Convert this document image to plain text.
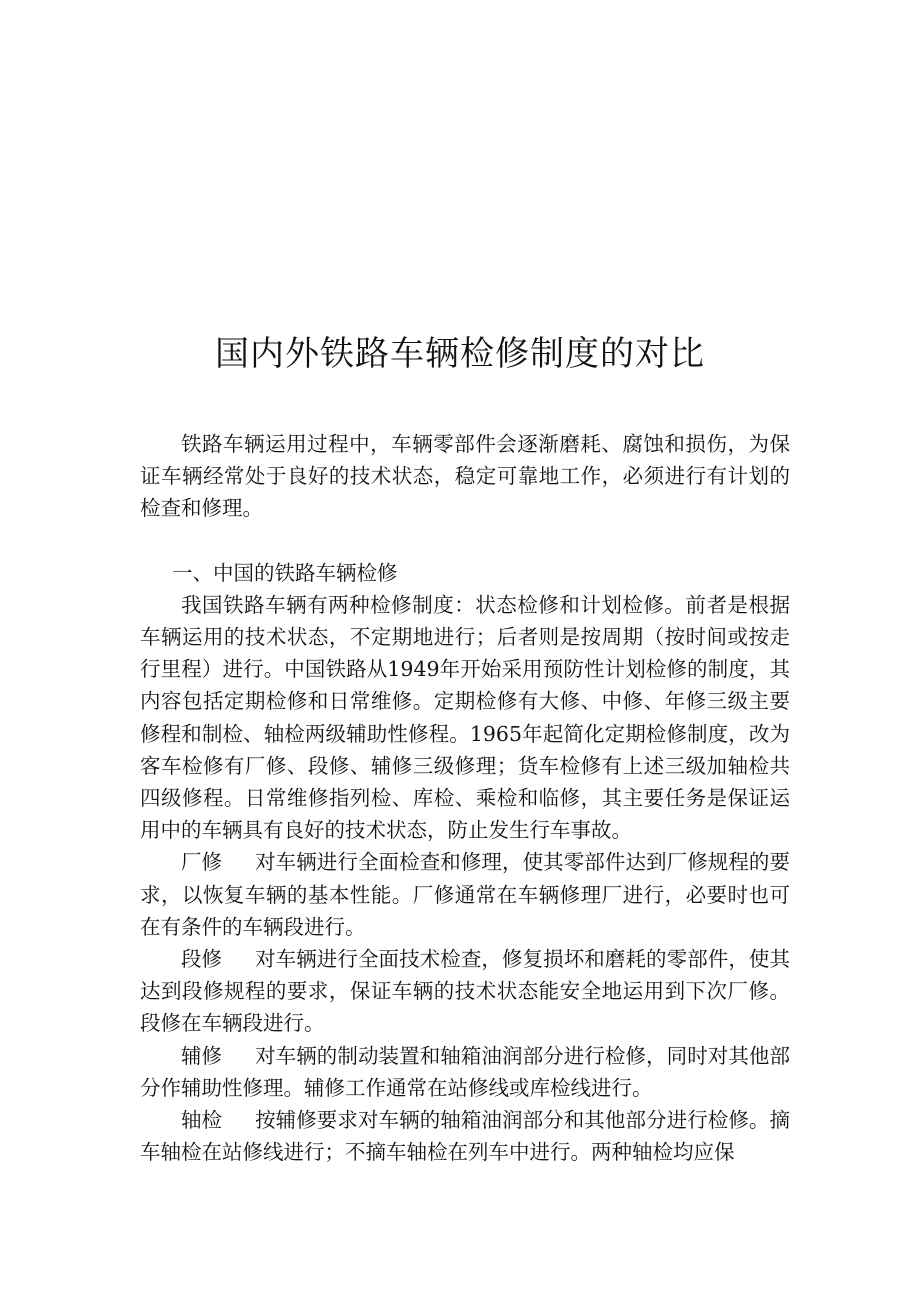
国内外铁路车辆检修制度的对比

铁路车辆运用过程中，车辆零部件会逐渐磨耗、腐蚀和损伤，为保证车辆经常处于良好的技术状态，稳定可靠地工作，必须进行有计划的检查和修理。

一、中国的铁路车辆检修

我国铁路车辆有两种检修制度：状态检修和计划检修。前者是根据车辆运用的技术状态，不定期地进行；后者则是按周期（按时间或按走行里程）进行。中国铁路从1949年开始采用预防性计划检修的制度，其内容包括定期检修和日常维修。定期检修有大修、中修、年修三级主要修程和制检、轴检两级辅助性修程。1965年起简化定期检修制度，改为客车检修有厂修、段修、辅修三级修理；货车检修有上述三级加轴检共四级修程。日常维修指列检、库检、乘检和临修，其主要任务是保证运用中的车辆具有良好的技术状态，防止发生行车事故。

厂修 对车辆进行全面检查和修理，使其零部件达到厂修规程的要求，以恢复车辆的基本性能。厂修通常在车辆修理厂进行，必要时也可在有条件的车辆段进行。

段修 对车辆进行全面技术检查，修复损坏和磨耗的零部件，使其达到段修规程的要求，保证车辆的技术状态能安全地运用到下次厂修。段修在车辆段进行。

辅修 对车辆的制动装置和轴箱油润部分进行检修，同时对其他部分作辅助性修理。辅修工作通常在站修线或库检线进行。

轴检 按辅修要求对车辆的轴箱油润部分和其他部分进行检修。摘车轴检在站修线进行；不摘车轴检在列车中进行。两种轴检均应保
